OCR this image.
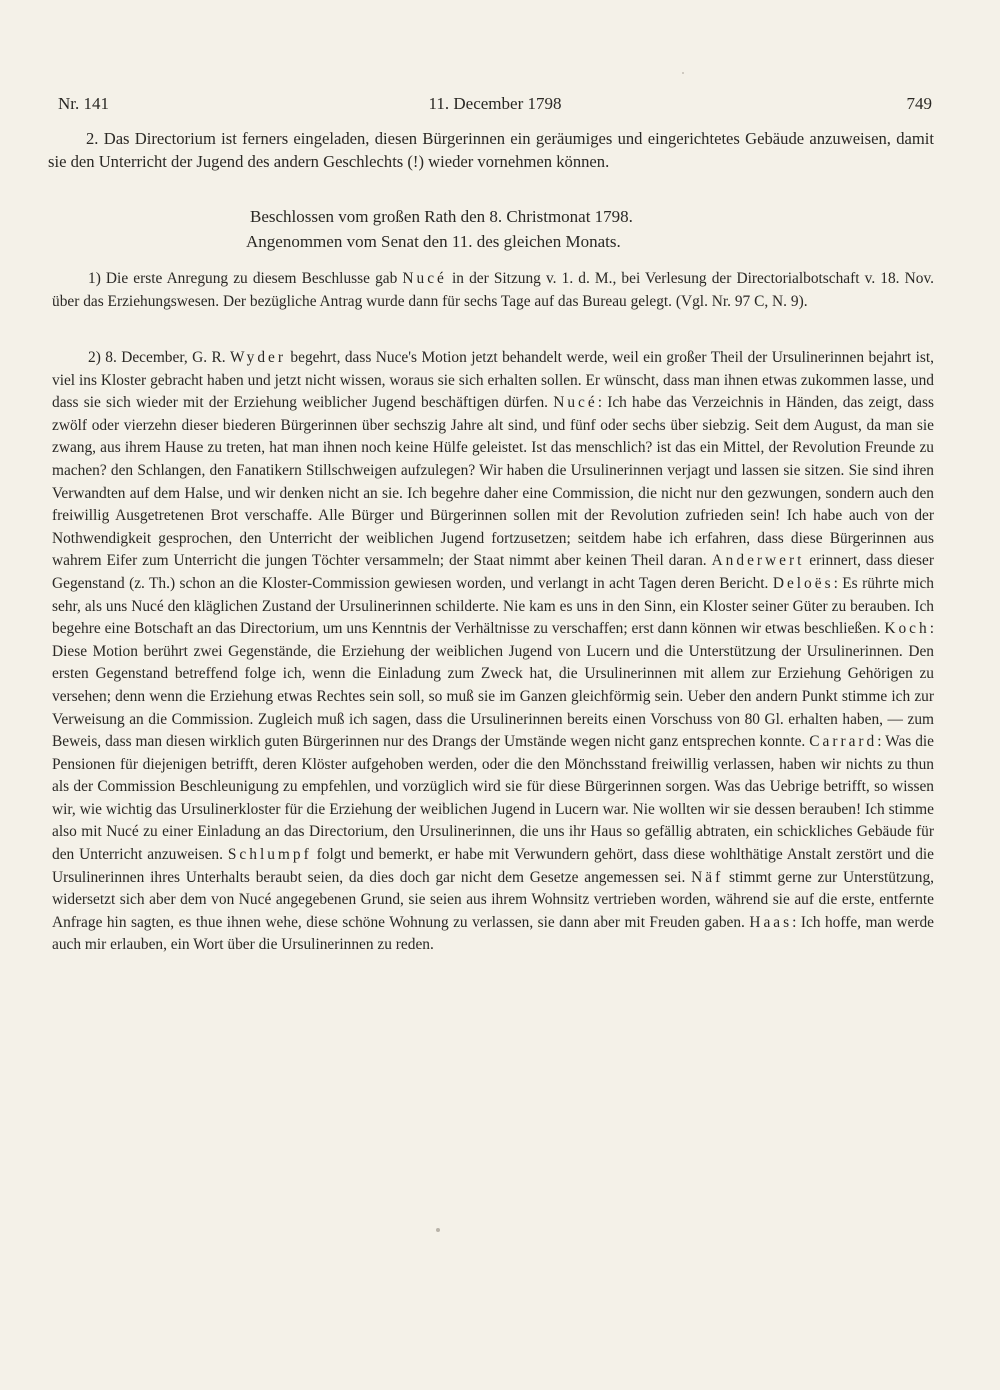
Nr. 141	11. December 1798	749

2. Das Directorium ist ferners eingeladen, diesen Bürgerinnen ein geräumiges und eingerichtetes Gebäude anzuweisen, damit sie den Unterricht der Jugend des andern Geschlechts (!) wieder vornehmen können.

Beschlossen vom großen Rath den 8. Christmonat 1798.
Angenommen vom Senat den 11. des gleichen Monats.

1) Die erste Anregung zu diesem Beschlusse gab Nucé in der Sitzung v. 1. d. M., bei Verlesung der Directorialbotschaft v. 18. Nov. über das Erziehungswesen. Der bezügliche Antrag wurde dann für sechs Tage auf das Bureau gelegt. (Vgl. Nr. 97 C, N. 9).

2) 8. December, G. R. Wyder begehrt, dass Nuce's Motion jetzt behandelt werde, weil ein großer Theil der Ursulinerinnen bejahrt ist, viel ins Kloster gebracht haben und jetzt nicht wissen, woraus sie sich erhalten sollen. Er wünscht, dass man ihnen etwas zukommen lasse, und dass sie sich wieder mit der Erziehung weiblicher Jugend beschäftigen dürfen. Nucé: Ich habe das Verzeichnis in Händen, das zeigt, dass zwölf oder vierzehn dieser biederen Bürgerinnen über sechszig Jahre alt sind, und fünf oder sechs über siebzig. Seit dem August, da man sie zwang, aus ihrem Hause zu treten, hat man ihnen noch keine Hülfe geleistet. Ist das menschlich? ist das ein Mittel, der Revolution Freunde zu machen? den Schlangen, den Fanatikern Stillschweigen aufzulegen? Wir haben die Ursulinerinnen verjagt und lassen sie sitzen. Sie sind ihren Verwandten auf dem Halse, und wir denken nicht an sie. Ich begehre daher eine Commission, die nicht nur den gezwungen, sondern auch den freiwillig Ausgetretenen Brot verschaffe. Alle Bürger und Bürgerinnen sollen mit der Revolution zufrieden sein! Ich habe auch von der Nothwendigkeit gesprochen, den Unterricht der weiblichen Jugend fortzusetzen; seitdem habe ich erfahren, dass diese Bürgerinnen aus wahrem Eifer zum Unterricht die jungen Töchter versammeln; der Staat nimmt aber keinen Theil daran. Anderwert erinnert, dass dieser Gegenstand (z. Th.) schon an die Kloster-Commission gewiesen worden, und verlangt in acht Tagen deren Bericht. Deloës: Es rührte mich sehr, als uns Nucé den kläglichen Zustand der Ursulinerinnen schilderte. Nie kam es uns in den Sinn, ein Kloster seiner Güter zu berauben. Ich begehre eine Botschaft an das Directorium, um uns Kenntnis der Verhältnisse zu verschaffen; erst dann können wir etwas beschließen. Koch: Diese Motion berührt zwei Gegenstände, die Erziehung der weiblichen Jugend von Lucern und die Unterstützung der Ursulinerinnen. Den ersten Gegenstand betreffend folge ich, wenn die Einladung zum Zweck hat, die Ursulinerinnen mit allem zur Erziehung Gehörigen zu versehen; denn wenn die Erziehung etwas Rechtes sein soll, so muß sie im Ganzen gleichförmig sein. Ueber den andern Punkt stimme ich zur Verweisung an die Commission. Zugleich muß ich sagen, dass die Ursulinerinnen bereits einen Vorschuss von 80 Gl. erhalten haben, — zum Beweis, dass man diesen wirklich guten Bürgerinnen nur des Drangs der Umstände wegen nicht ganz entsprechen konnte. Carrard: Was die Pensionen für diejenigen betrifft, deren Klöster aufgehoben werden, oder die den Mönchsstand freiwillig verlassen, haben wir nichts zu thun als der Commission Beschleunigung zu empfehlen, und vorzüglich wird sie für diese Bürgerinnen sorgen. Was das Uebrige betrifft, so wissen wir, wie wichtig das Ursulinerkloster für die Erziehung der weiblichen Jugend in Lucern war. Nie wollten wir sie dessen berauben! Ich stimme also mit Nucé zu einer Einladung an das Directorium, den Ursulinerinnen, die uns ihr Haus so gefällig abtraten, ein schickliches Gebäude für den Unterricht anzuweisen. Schlumpf folgt und bemerkt, er habe mit Verwundern gehört, dass diese wohlthätige Anstalt zerstört und die Ursulinerinnen ihres Unterhalts beraubt seien, da dies doch gar nicht dem Gesetze angemessen sei. Näf stimmt gerne zur Unterstützung, widersetzt sich aber dem von Nucé angegebenen Grund, sie seien aus ihrem Wohnsitz vertrieben worden, während sie auf die erste, entfernte Anfrage hin sagten, es thue ihnen wehe, diese schöne Wohnung zu verlassen, sie dann aber mit Freuden gaben. Haas: Ich hoffe, man werde auch mir erlauben, ein Wort über die Ursulinerinnen zu reden.
